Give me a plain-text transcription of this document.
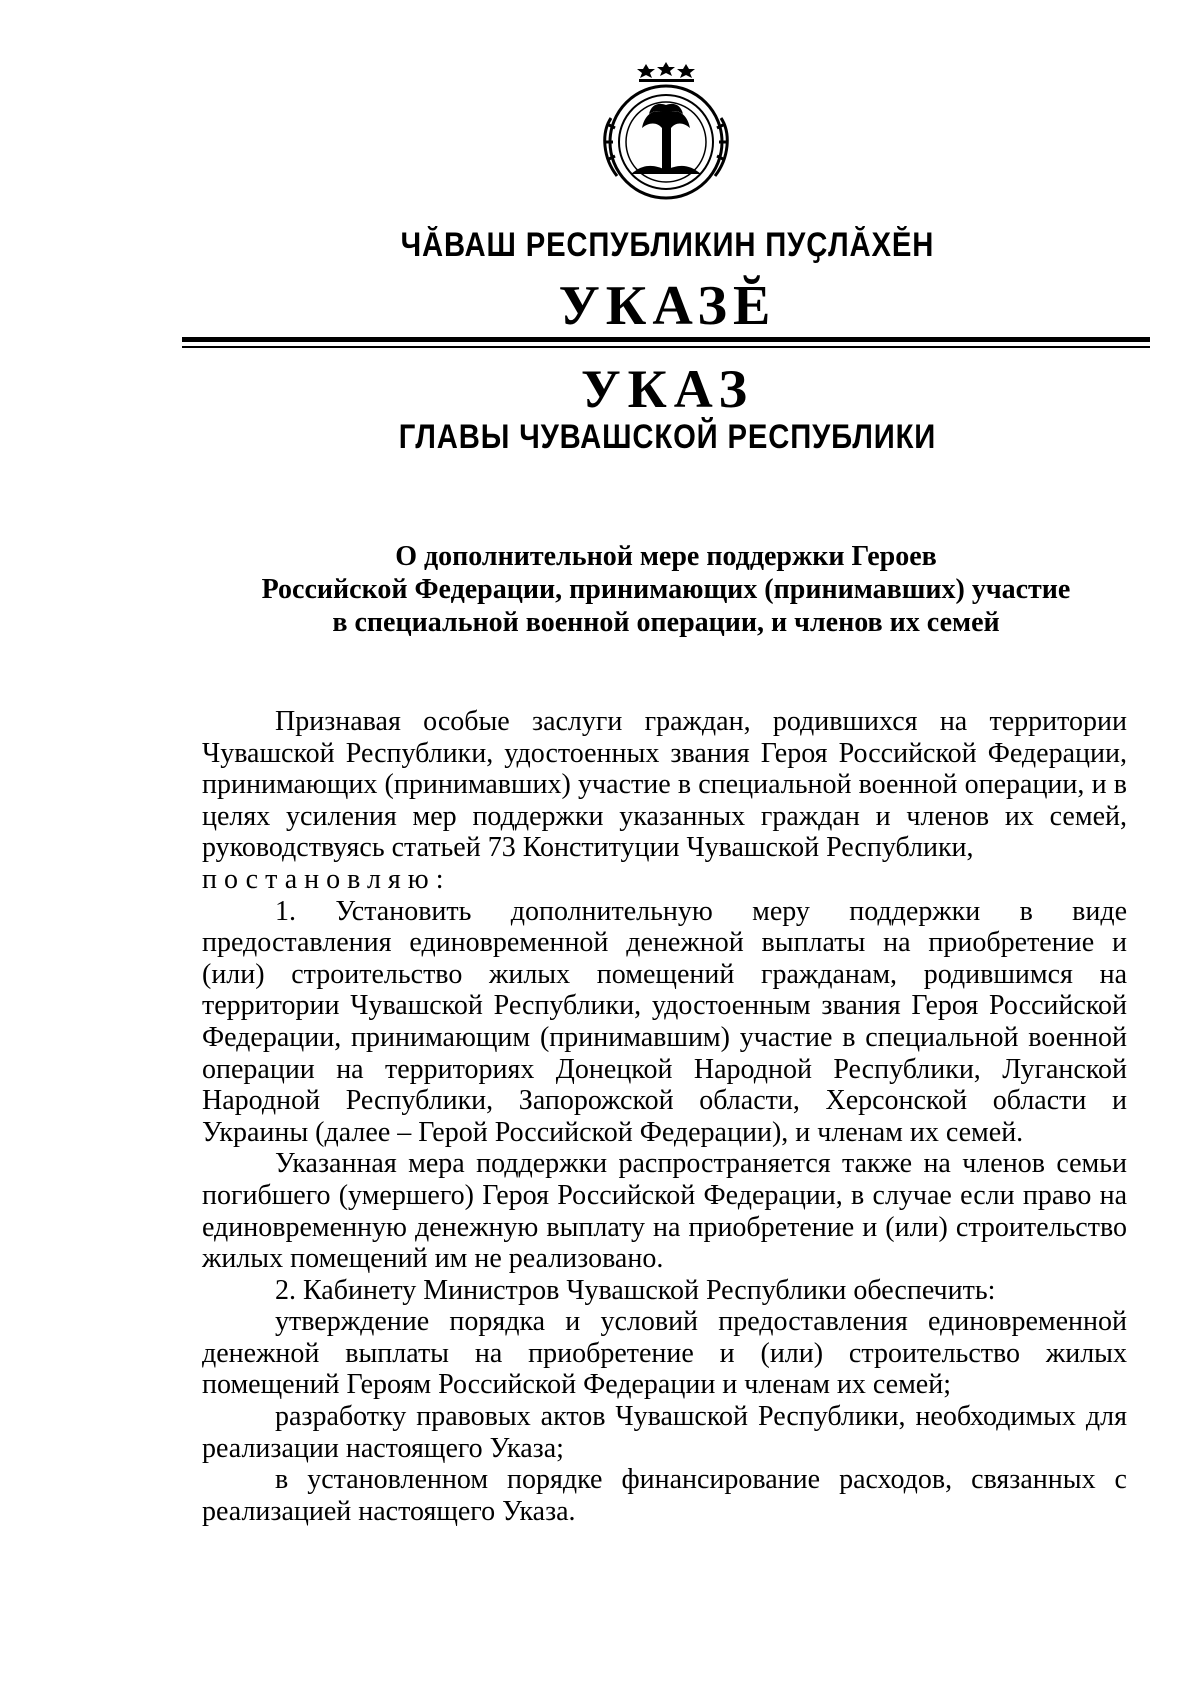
ЧĂВАШ РЕСПУБЛИКИН ПУҪЛĂХĔН
УКАЗĔ
УКАЗ
ГЛАВЫ ЧУВАШСКОЙ РЕСПУБЛИКИ
О дополнительной мере поддержки Героев
Российской Федерации, принимающих (принимавших) участие
в специальной военной операции, и членов их семей

Признавая особые заслуги граждан, родившихся на территории Чувашской Республики, удостоенных звания Героя Российской Федерации, принимающих (принимавших) участие в специальной военной операции, и в целях усиления мер поддержки указанных граждан и членов их семей, руководствуясь статьей 73 Конституции Чувашской Республики,

постановляю:

1. Установить дополнительную меру поддержки в виде предоставления единовременной денежной выплаты на приобретение и (или) строительство жилых помещений гражданам, родившимся на территории Чувашской Республики, удостоенным звания Героя Российской Федерации, принимающим (принимавшим) участие в специальной военной операции на территориях Донецкой Народной Республики, Луганской Народной Республики, Запорожской области, Херсонской области и Украины (далее – Герой Российской Федерации), и членам их семей.

Указанная мера поддержки распространяется также на членов семьи погибшего (умершего) Героя Российской Федерации, в случае если право на единовременную денежную выплату на приобретение и (или) строительство жилых помещений им не реализовано.

2. Кабинету Министров Чувашской Республики обеспечить:

утверждение порядка и условий предоставления единовременной денежной выплаты на приобретение и (или) строительство жилых помещений Героям Российской Федерации и членам их семей;

разработку правовых актов Чувашской Республики, необходимых для реализации настоящего Указа;

в установленном порядке финансирование расходов, связанных с реализацией настоящего Указа.
